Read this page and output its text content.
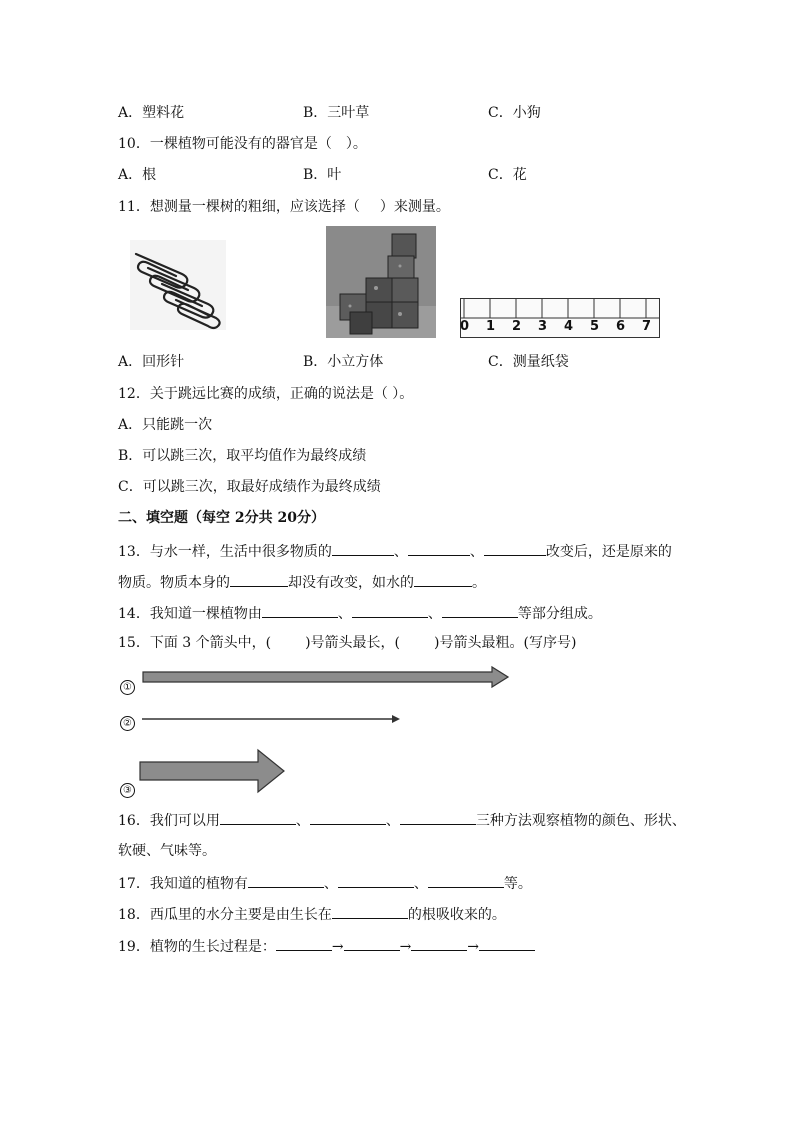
A．塑料花	B．三叶草	C．小狗
10．一棵植物可能没有的器官是（ ）。
A．根	B．叶	C．花
11．想测量一棵树的粗细，应该选择（ ）来测量。
0 1 2 3 4 5 6 7
A．回形针	B．小立方体	C．测量纸袋
12．关于跳远比赛的成绩，正确的说法是（ ）。
A．只能跳一次
B．可以跳三次，取平均值作为最终成绩
C．可以跳三次，取最好成绩作为最终成绩
二、填空题（每空 2分共 20分）
13．与水一样，生活中很多物质的	、	、	改变后，还是原来的
物质。物质本身的	却没有改变，如水的	。
14．我知道一棵植物由	、	、	等部分组成。
15．下面 3 个箭头中，( )号箭头最长，( )号箭头最粗。(写序号)
①
②
③
16．我们可以用	、	、	三种方法观察植物的颜色、形状、
软硬、气味等。
17．我知道的植物有	、	、	等。
18．西瓜里的水分主要是由生长在	的根吸收来的。
19．植物的生长过程是：	→	→	→
